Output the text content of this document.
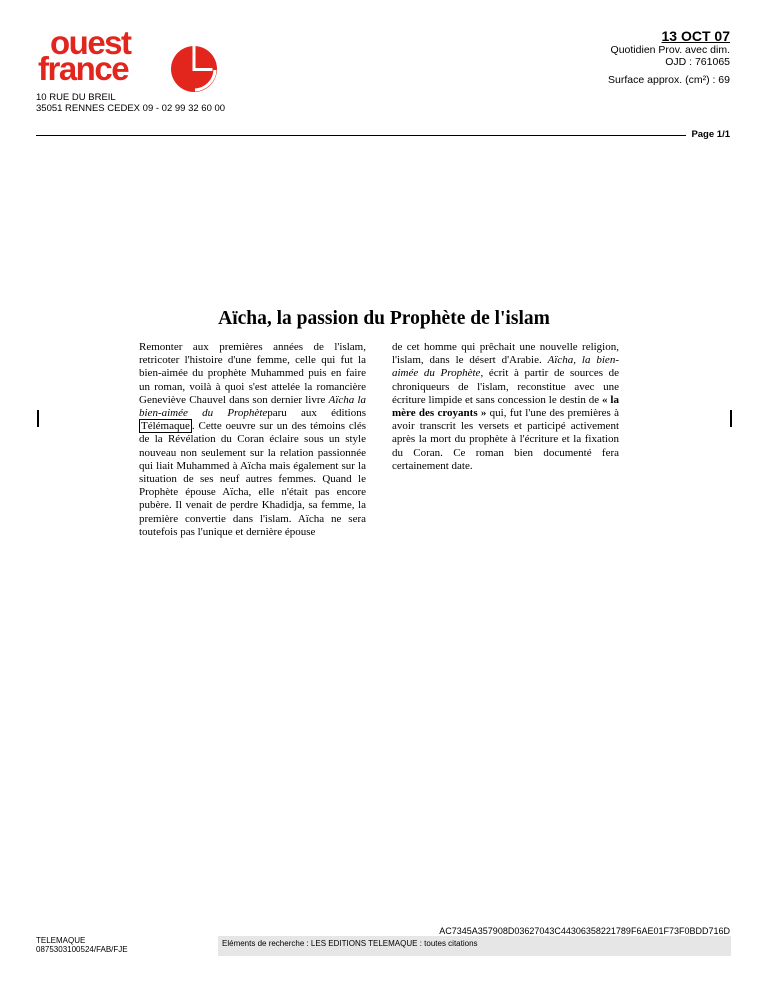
ouest
france
13 OCT 07
Quotidien Prov. avec dim.
OJD : 761065
Surface approx. (cm²) : 69
10 RUE DU BREIL
35051 RENNES CEDEX 09 - 02 99 32 60 00
Page 1/1
Aïcha, la passion du Prophète de l'islam
Remonter aux premières années de l'islam, retricoter l'histoire d'une femme, celle qui fut la bien-aimée du prophète Muhammed puis en faire un roman, voilà à quoi s'est attelée la romancière Geneviève Chauvel dans son dernier livre Aïcha la bien-aimée du Prophèteparu aux éditions Télémaque . Cette oeuvre sur un des témoins clés de la Révélation du Coran éclaire sous un style nouveau non seulement sur la relation passionnée qui liait Muhammed à Aïcha mais également sur la situation de ses neuf autres femmes. Quand le Prophète épouse Aïcha, elle n'était pas encore pubère. Il venait de perdre Khadidja, sa femme, la première convertie dans l'islam. Aïcha ne sera toutefois pas l'unique et dernière épouse
de cet homme qui prêchait une nouvelle religion, l'islam, dans le désert d'Arabie. Aïcha, la bien-aimée du Prophète, écrit à partir de sources de chroniqueurs de l'islam, reconstitue avec une écriture limpide et sans concession le destin de « la mère des croyants » qui, fut l'une des premières à avoir transcrit les versets et participé activement après la mort du prophète à l'écriture et la fixation du Coran. Ce roman bien documenté fera certainement date.
AC7345A357908D03627043C44306358221789F6AE01F73F0BDD716D
Eléments de recherche : LES EDITIONS TELEMAQUE : toutes citations
TELEMAQUE
0875303100524/FAB/FJE
